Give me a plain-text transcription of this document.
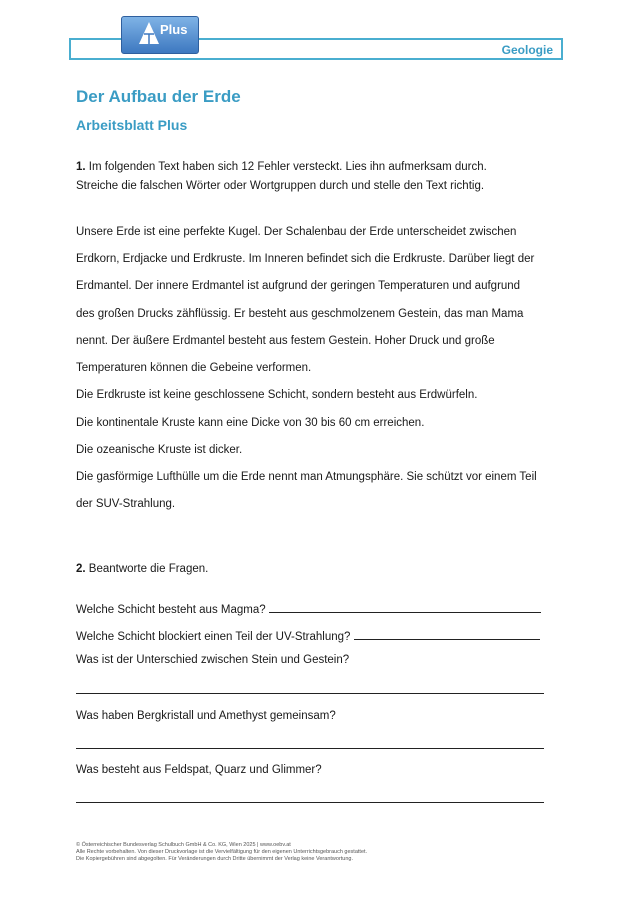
Geologie
Plus
Der Aufbau der Erde
Arbeitsblatt Plus

1. Im folgenden Text haben sich 12 Fehler versteckt. Lies ihn aufmerksam durch.
Streiche die falschen Wörter oder Wortgruppen durch und stelle den Text richtig.

Unsere Erde ist eine perfekte Kugel. Der Schalenbau der Erde unterscheidet zwischen

Erdkorn, Erdjacke und Erdkruste. Im Inneren befindet sich die Erdkruste. Darüber liegt der

Erdmantel. Der innere Erdmantel ist aufgrund der geringen Temperaturen und aufgrund

des großen Drucks zähflüssig. Er besteht aus geschmolzenem Gestein, das man Mama

nennt. Der äußere Erdmantel besteht aus festem Gestein. Hoher Druck und große

Temperaturen können die Gebeine verformen.

Die Erdkruste ist keine geschlossene Schicht, sondern besteht aus Erdwürfeln.

Die kontinentale Kruste kann eine Dicke von 30 bis 60 cm erreichen.

Die ozeanische Kruste ist dicker.

Die gasförmige Lufthülle um die Erde nennt man Atmungsphäre. Sie schützt vor einem Teil

der SUV-Strahlung.

2. Beantworte die Fragen.

Welche Schicht besteht aus Magma?

Welche Schicht blockiert einen Teil der UV-Strahlung?

Was ist der Unterschied zwischen Stein und Gestein?

Was haben Bergkristall und Amethyst gemeinsam?

Was besteht aus Feldspat, Quarz und Glimmer?

© Österreichischer Bundesverlag Schulbuch GmbH & Co. KG, Wien 2025 | www.oebv.at
Alle Rechte vorbehalten. Von dieser Druckvorlage ist die Vervielfältigung für den eigenen Unterrichtsgebrauch gestattet.
Die Kopiergebühren sind abgegolten. Für Veränderungen durch Dritte übernimmt der Verlag keine Verantwortung.
